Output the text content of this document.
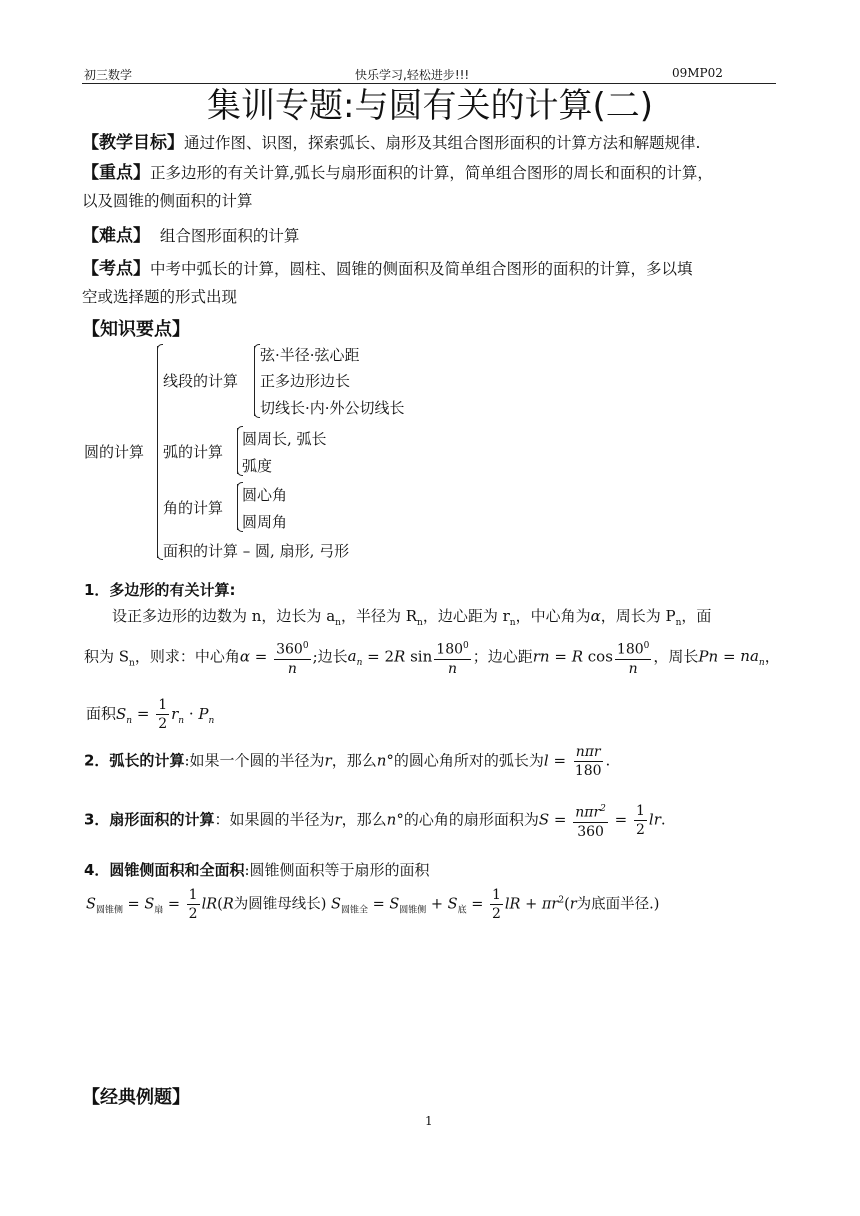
初三数学	快乐学习,轻松进步!!!	09MP02
集训专题:与圆有关的计算(二)
【教学目标】通过作图、识图，探索弧长、扇形及其组合图形面积的计算方法和解题规律.
【重点】正多边形的有关计算,弧长与扇形面积的计算，简单组合图形的周长和面积的计算，
以及圆锥的侧面积的计算
【难点】 组合图形面积的计算
【考点】中考中弧长的计算，圆柱、圆锥的侧面积及简单组合图形的面积的计算，多以填
空或选择题的形式出现
【知识要点】
圆的计算
线段的计算
弦·半径·弦心距
正多边形边长
切线长·内·外公切线长
弧的计算
圆周长, 弧长
弧度
角的计算
圆心角
圆周角
面积的计算 – 圆, 扇形, 弓形
1．多边形的有关计算:
设正多边形的边数为 n，边长为 $a_n$，半径为 $R_n$，边心距为 $r_n$，中心角为α，周长为 $P_n$，面
积为 $S_n$，则求：中心角$\alpha = \frac{360^0}{n}$ ;边长$a_n = 2R$ $\sin \frac{180^0}{n}$ ；边心距rn = R $\cos \frac{180^0}{n}$ ，周长$Pn = na_n$，
面积$S_n = \frac{1}{2} r_n \cdot P_n$
2．弧长的计算:如果一个圆的半径为r，那么n°的圆心角所对的弧长为$l = \frac{\text{nπr}}{180}$ .
3．扇形面积的计算：如果圆的半径为r，那么n°的心角的扇形面积为$S = \frac{n\pi r^2}{360} = \frac{1}{2}$ lr.
4．圆锥侧面积和全面积:圆锥侧面积等于扇形的面积
$S_{圆锥侧} = S_扇 = \frac{1}{2} lR(R$为圆锥母线长) $S_{圆锥全} = S_{圆锥侧} + S_底 = \frac{1}{2}$ lR + $\pi r^2(r$为底面半径.)
【经典例题】
1
